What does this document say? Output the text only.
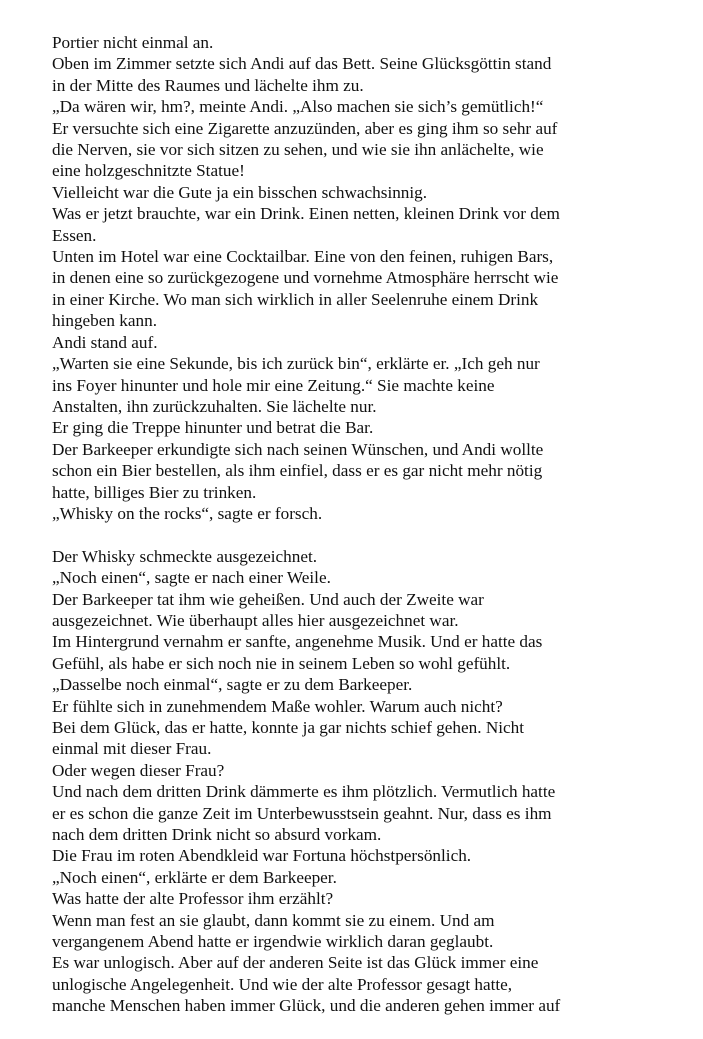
Portier nicht einmal an.
Oben im Zimmer setzte sich Andi auf das Bett. Seine Glücksgöttin stand
in der Mitte des Raumes und lächelte ihm zu.
„Da wären wir, hm?, meinte Andi. „Also machen sie sich’s gemütlich!“
Er versuchte sich eine Zigarette anzuzünden, aber es ging ihm so sehr auf
die Nerven, sie vor sich sitzen zu sehen, und wie sie ihn anlächelte, wie
eine holzgeschnitzte Statue!
Vielleicht war die Gute ja ein bisschen schwachsinnig.
Was er jetzt brauchte, war ein Drink. Einen netten, kleinen Drink vor dem
Essen.
Unten im Hotel war eine Cocktailbar. Eine von den feinen, ruhigen Bars,
in denen eine so zurückgezogene und vornehme Atmosphäre herrscht wie
in einer Kirche. Wo man sich wirklich in aller Seelenruhe einem Drink
hingeben kann.
Andi stand auf.
„Warten sie eine Sekunde, bis ich zurück bin“, erklärte er. „Ich geh nur
ins Foyer hinunter und hole mir eine Zeitung.“ Sie machte keine
Anstalten, ihn zurückzuhalten. Sie lächelte nur.
Er ging die Treppe hinunter und betrat die Bar.
Der Barkeeper erkundigte sich nach seinen Wünschen, und Andi wollte
schon ein Bier bestellen, als ihm einfiel, dass er es gar nicht mehr nötig
hatte, billiges Bier zu trinken.
„Whisky on the rocks“, sagte er forsch.
Der Whisky schmeckte ausgezeichnet.
„Noch einen“, sagte er nach einer Weile.
Der Barkeeper tat ihm wie geheißen. Und auch der Zweite war
ausgezeichnet. Wie überhaupt alles hier ausgezeichnet war.
Im Hintergrund vernahm er sanfte, angenehme Musik. Und er hatte das
Gefühl, als habe er sich noch nie in seinem Leben so wohl gefühlt.
„Dasselbe noch einmal“, sagte er zu dem Barkeeper.
Er fühlte sich in zunehmendem Maße wohler. Warum auch nicht?
Bei dem Glück, das er hatte, konnte ja gar nichts schief gehen. Nicht
einmal mit dieser Frau.
Oder wegen dieser Frau?
Und nach dem dritten Drink dämmerte es ihm plötzlich. Vermutlich hatte
er es schon die ganze Zeit im Unterbewusstsein geahnt. Nur, dass es ihm
nach dem dritten Drink nicht so absurd vorkam.
Die Frau im roten Abendkleid war Fortuna höchstpersönlich.
„Noch einen“, erklärte er dem Barkeeper.
Was hatte der alte Professor ihm erzählt?
Wenn man fest an sie glaubt, dann kommt sie zu einem. Und am
vergangenem Abend hatte er irgendwie wirklich daran geglaubt.
Es war unlogisch. Aber auf der anderen Seite ist das Glück immer eine
unlogische Angelegenheit. Und wie der alte Professor gesagt hatte,
manche Menschen haben immer Glück, und die anderen gehen immer auf
